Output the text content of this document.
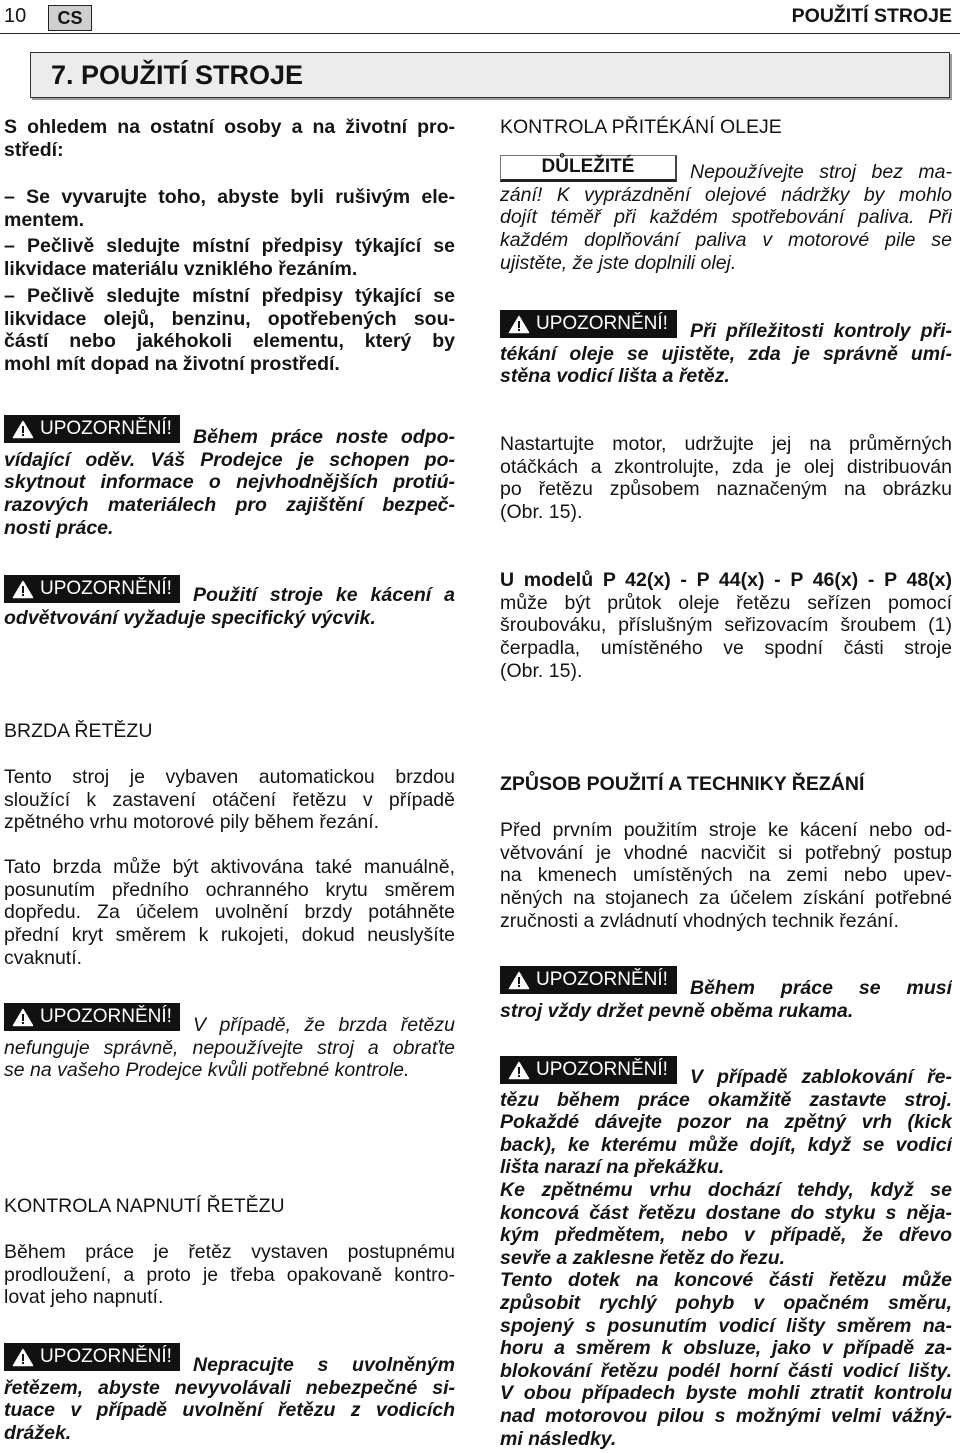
10	CS	POUŽITÍ STROJE
7. POUŽITÍ STROJE
S ohledem na ostatní osoby a na životní pro-
středí:
– Se vyvarujte toho, abyste byli rušivým ele-
mentem.
– Pečlivě sledujte místní předpisy týkající se
likvidace materiálu vzniklého řezáním.
– Pečlivě sledujte místní předpisy týkající se
likvidace olejů, benzinu, opotřebených sou-
částí nebo jakéhokoli elementu, který by
mohl mít dopad na životní prostředí.
UPOZORNĚNÍ!	Během práce noste odpo-
vídající oděv. Váš Prodejce je schopen po-
skytnout informace o nejvhodnějších protiú-
razových materiálech pro zajištění bezpeč-
nosti práce.
UPOZORNĚNÍ!	Použití stroje ke kácení a
odvětvování vyžaduje specifický výcvik.
BRZDA ŘETĚZU
Tento stroj je vybaven automatickou brzdou
sloužící k zastavení otáčení řetězu v případě
zpětného vrhu motorové pily během řezání.
Tato brzda může být aktivována také manuálně,
posunutím předního ochranného krytu směrem
dopředu. Za účelem uvolnění brzdy potáhněte
přední kryt směrem k rukojeti, dokud neuslyšíte
cvaknutí.
UPOZORNĚNÍ!	V případě, že brzda řetězu
nefunguje správně, nepoužívejte stroj a obraťte
se na vašeho Prodejce kvůli potřebné kontrole.
KONTROLA NAPNUTÍ ŘETĚZU
Během práce je řetěz vystaven postupnému
prodloužení, a proto je třeba opakovaně kontro-
lovat jeho napnutí.
UPOZORNĚNÍ!	Nepracujte s uvolněným
řetězem, abyste nevyvolávali nebezpečné si-
tuace v případě uvolnění řetězu z vodicích
drážek.
KONTROLA PŘITÉKÁNÍ OLEJE
DŮLEŽITÉ	Nepoužívejte stroj bez ma-
zání! K vyprázdnění olejové nádržky by mohlo
dojít téměř při každém spotřebování paliva. Při
každém doplňování paliva v motorové pile se
ujistěte, že jste doplnili olej.
UPOZORNĚNÍ!	Při příležitosti kontroly při-
tékání oleje se ujistěte, zda je správně umí-
stěna vodicí lišta a řetěz.
Nastartujte motor, udržujte jej na průměrných
otáčkách a zkontrolujte, zda je olej distribuován
po řetězu způsobem naznačeným na obrázku
(Obr. 15).
U modelů P 42(x) - P 44(x) - P 46(x) - P 48(x)
může být průtok oleje řetězu seřízen pomocí
šroubováku, příslušným seřizovacím šroubem (1)
čerpadla, umístěného ve spodní části stroje
(Obr. 15).
ZPŮSOB POUŽITÍ A TECHNIKY ŘEZÁNÍ
Před prvním použitím stroje ke kácení nebo od-
větvování je vhodné nacvičit si potřebný postup
na kmenech umístěných na zemi nebo upev-
něných na stojanech za účelem získání potřebné
zručnosti a zvládnutí vhodných technik řezání.
UPOZORNĚNÍ!	Během práce se musí
stroj vždy držet pevně oběma rukama.
UPOZORNĚNÍ!	V případě zablokování ře-
tězu během práce okamžitě zastavte stroj.
Pokaždé dávejte pozor na zpětný vrh (kick
back), ke kterému může dojít, když se vodicí
lišta narazí na překážku.
Ke zpětnému vrhu dochází tehdy, když se
koncová část řetězu dostane do styku s něja-
kým předmětem, nebo v případě, že dřevo
sevře a zaklesne řetěz do řezu.
Tento dotek na koncové části řetězu může
způsobit rychlý pohyb v opačném směru,
spojený s posunutím vodicí lišty směrem na-
horu a směrem k obsluze, jako v případě za-
blokování řetězu podél horní části vodicí lišty.
V obou případech byste mohli ztratit kontrolu
nad motorovou pilou s možnými velmi vážný-
mi následky.
